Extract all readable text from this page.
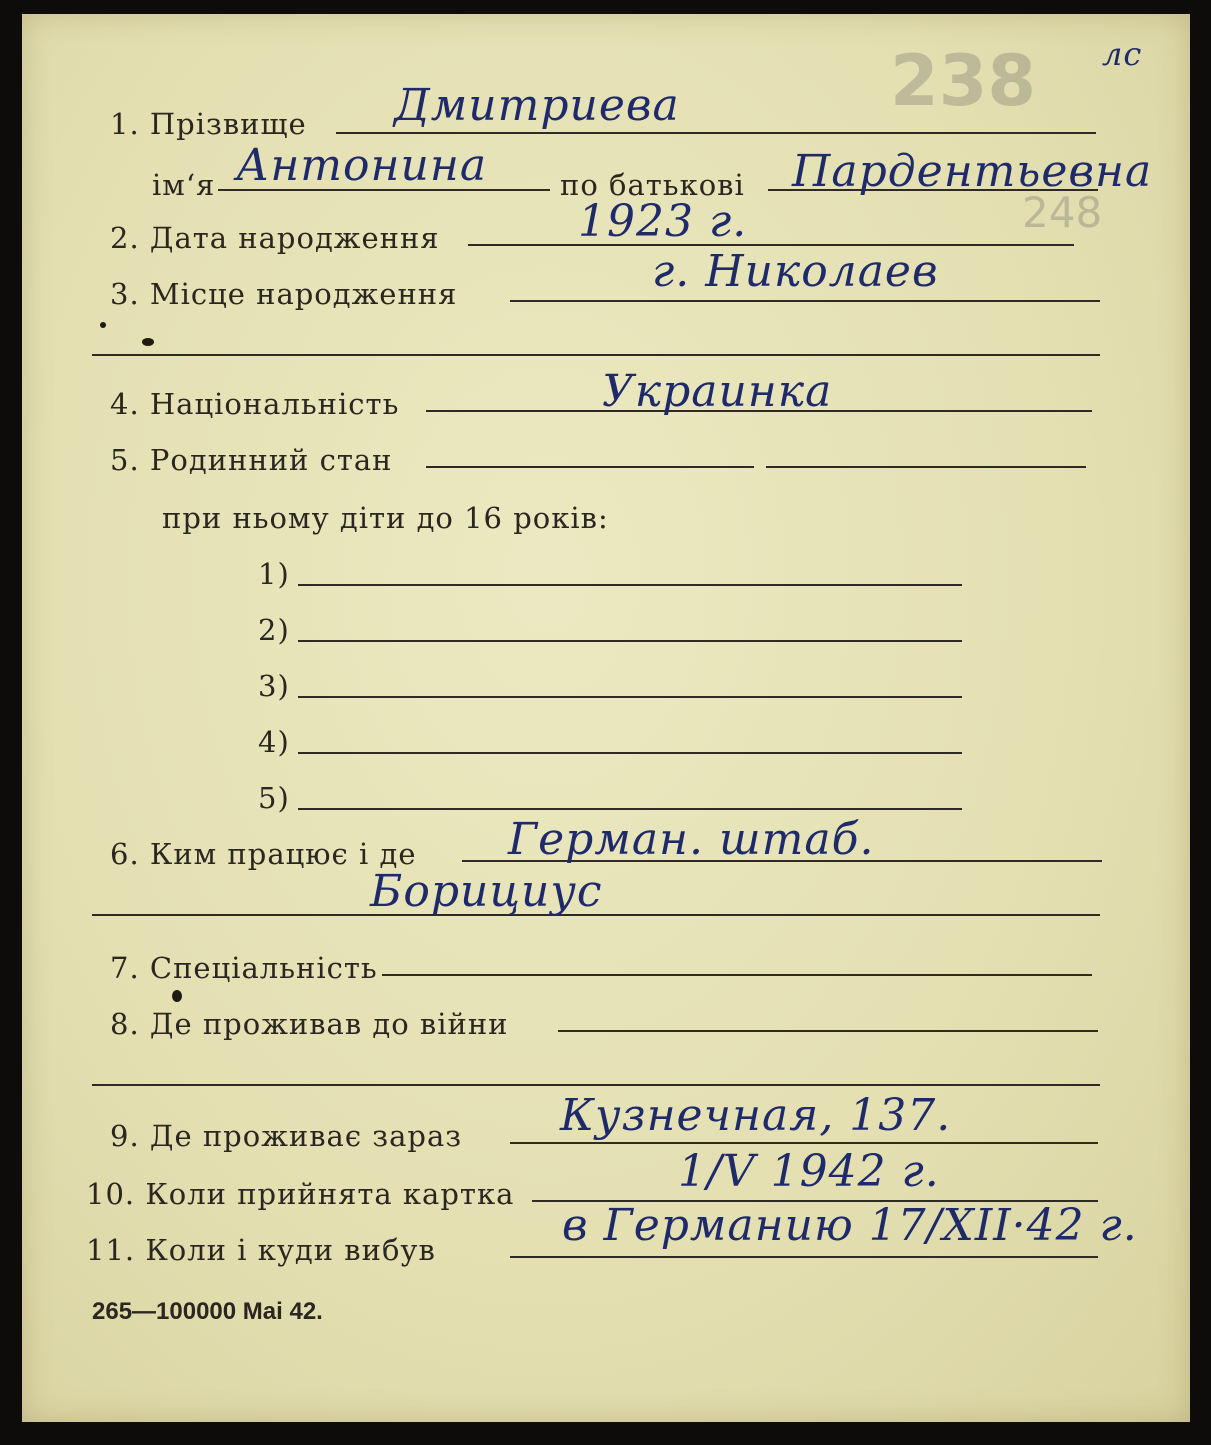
лс
238
248
1. Прізвище Дмитриева
ім‘я Антонина	по батькові Пардентьевна
2. Дата народження	1923 г.
3. Місце народження	г. Николаев
4. Національність	Украинка
5. Родинний стан
при ньому діти до 16 років:
1)
2)
3)
4)
5)
6. Ким працює і де Герман. штаб.
Борициус
7. Спеціальність
8. Де проживав до війни
9. Де проживає зараз Кузнечная, 137.
10. Коли прийнята картка	1/V 1942 г.
11. Коли і куди вибув	в Германию 17/XII·42 г.
265—100000 Mai 42.
